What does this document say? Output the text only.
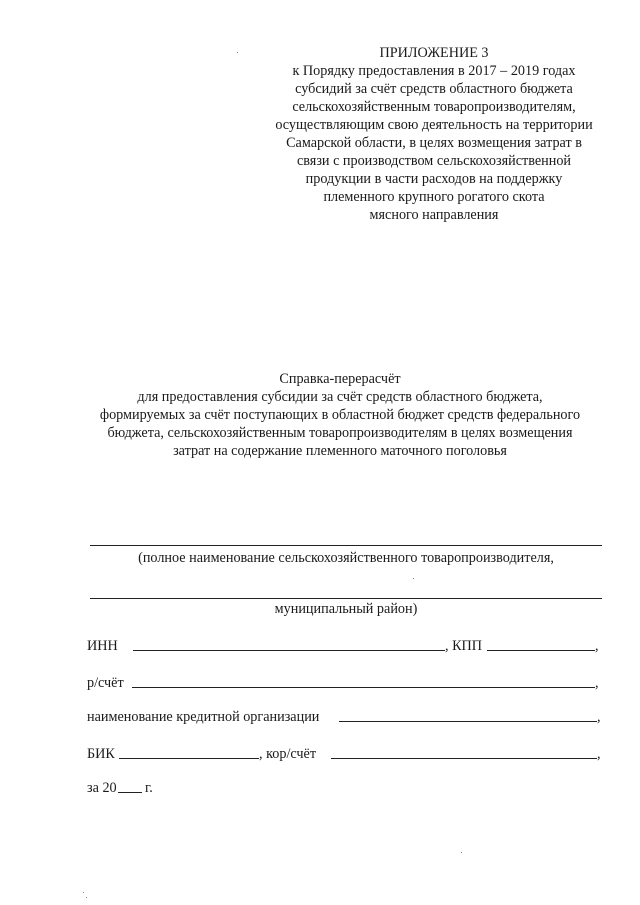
ПРИЛОЖЕНИЕ 3
к Порядку предоставления в 2017 – 2019 годах
субсидий за счёт средств областного бюджета
сельскохозяйственным товаропроизводителям,
осуществляющим свою деятельность на территории
Самарской области, в целях возмещения затрат в
связи с производством сельскохозяйственной
продукции в части расходов на поддержку
племенного крупного рогатого скота
мясного направления
Справка-перерасчёт
для предоставления субсидии за счёт средств областного бюджета,
формируемых за счёт поступающих в областной бюджет средств федерального
бюджета, сельскохозяйственным товаропроизводителям в целях возмещения
затрат на содержание племенного маточного поголовья
(полное наименование сельскохозяйственного товаропроизводителя,
муниципальный район)
ИНН	, КПП	,
р/счёт	,
наименование кредитной организации	,
БИК	, кор/счёт	,
за 20 г.
